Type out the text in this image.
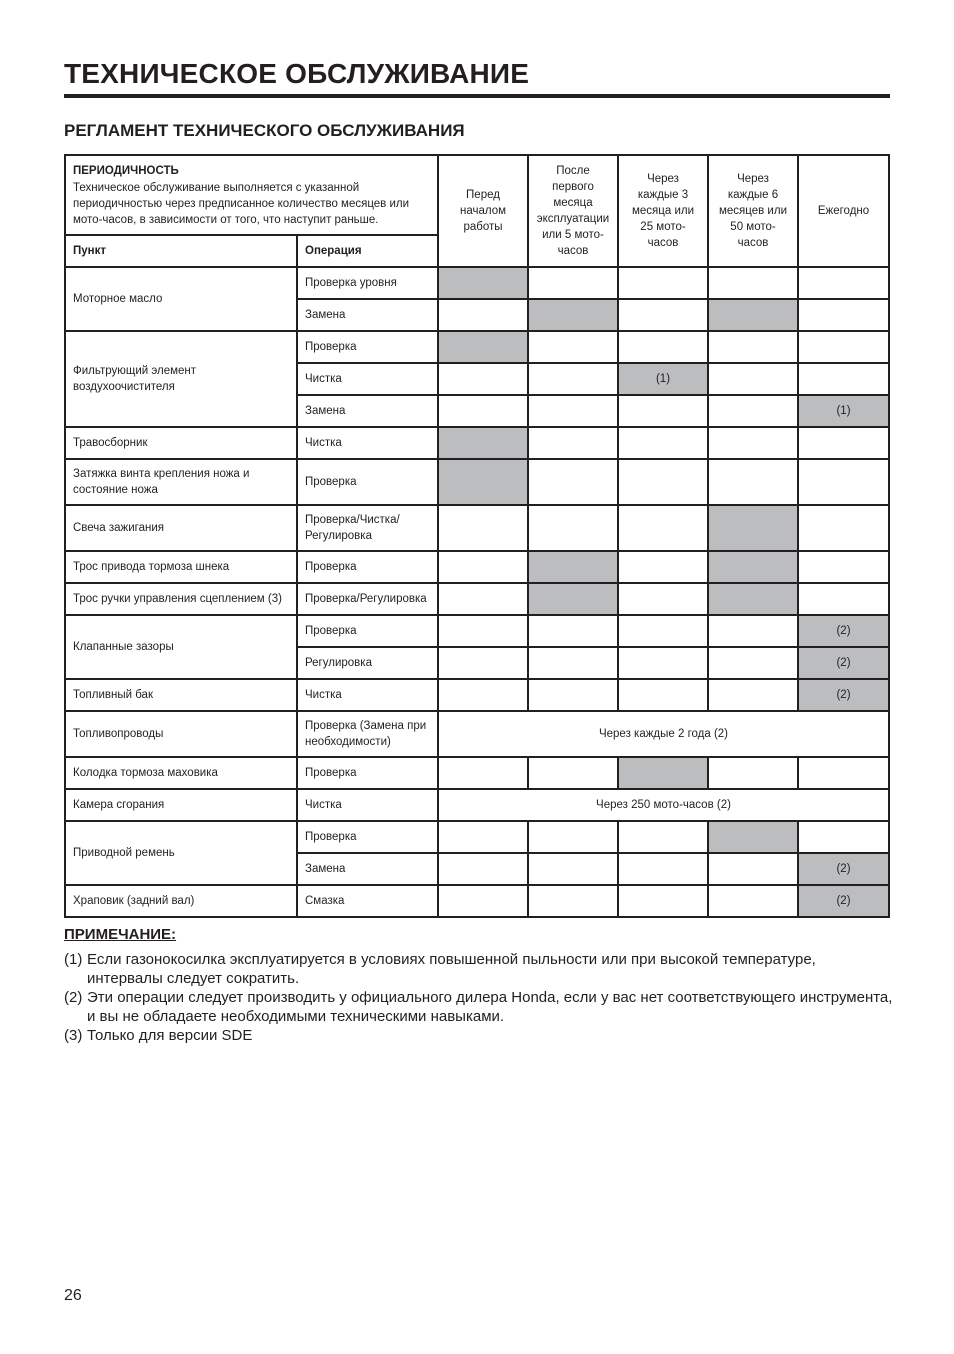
ТЕХНИЧЕСКОЕ ОБСЛУЖИВАНИЕ
РЕГЛАМЕНТ ТЕХНИЧЕСКОГО ОБСЛУЖИВАНИЯ
ПЕРИОДИЧНОСТЬ
Техническое обслуживание выполняется с указанной периодичностью через предписанное количество месяцев или мото-часов, в зависимости от того, что наступит раньше.		Перед началом работы	После первого месяца эксплуатации или 5 мото-часов	Через каждые 3 месяца или 25 мото-часов	Через каждые 6 месяцев или 50 мото-часов	Ежегодно
Пункт	Операция					
Моторное масло	Проверка уровня					
	Замена					
Фильтрующий элемент воздухоочистителя	Проверка					
	Чистка			(1)		
	Замена					(1)
Травосборник	Чистка					
Затяжка винта крепления ножа и состояние ножа	Проверка					
Свеча зажигания	Проверка/Чистка/ Регулировка					
Трос привода тормоза шнека	Проверка					
Трос ручки управления сцеплением (3)	Проверка/Регулировка					
Клапанные зазоры	Проверка					(2)
	Регулировка					(2)
Топливный бак	Чистка					(2)
Топливопроводы	Проверка (Замена при необходимости)	Через каждые 2 года (2)				
Колодка тормоза маховика	Проверка					
Камера сгорания	Чистка	Через 250 мото-часов (2)				
Приводной ремень	Проверка					
	Замена					(2)
Храповик (задний вал)	Смазка					(2)
ПРИМЕЧАНИЕ:
(1) Если газонокосилка эксплуатируется в условиях повышенной пыльности или при высокой температуре, интервалы следует сократить.
(2) Эти операции следует производить у официального дилера Honda, если у вас нет соответствующего инструмента, и вы не обладаете необходимыми техническими навыками.
(3) Только для версии SDE
26
